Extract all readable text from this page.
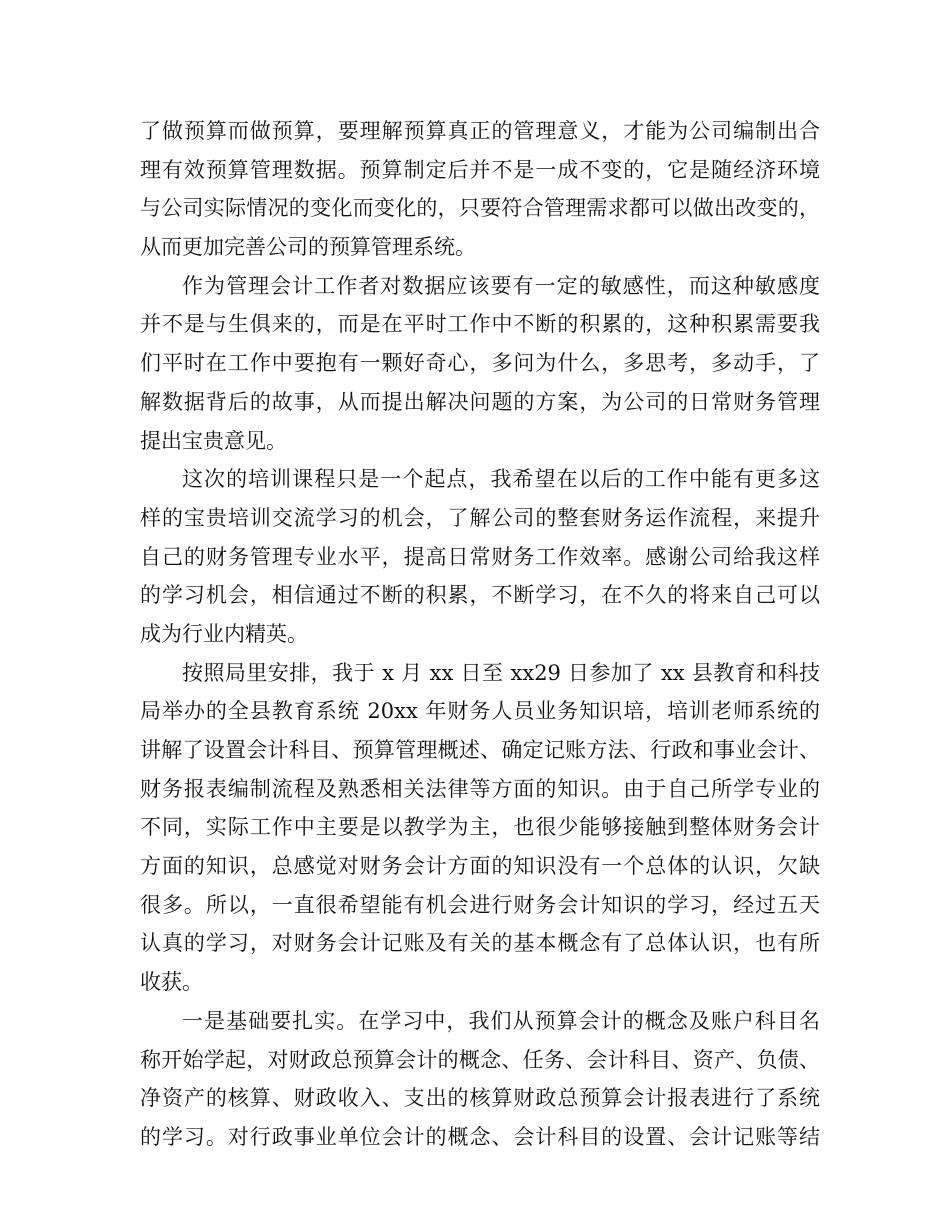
了做预算而做预算，要理解预算真正的管理意义，才能为公司编制出合
理有效预算管理数据。预算制定后并不是一成不变的，它是随经济环境
与公司实际情况的变化而变化的，只要符合管理需求都可以做出改变的，
从而更加完善公司的预算管理系统。
作为管理会计工作者对数据应该要有一定的敏感性，而这种敏感度
并不是与生俱来的，而是在平时工作中不断的积累的，这种积累需要我
们平时在工作中要抱有一颗好奇心，多问为什么，多思考，多动手，了
解数据背后的故事，从而提出解决问题的方案，为公司的日常财务管理
提出宝贵意见。
这次的培训课程只是一个起点，我希望在以后的工作中能有更多这
样的宝贵培训交流学习的机会，了解公司的整套财务运作流程，来提升
自己的财务管理专业水平，提高日常财务工作效率。感谢公司给我这样
的学习机会，相信通过不断的积累，不断学习，在不久的将来自己可以
成为行业内精英。
按照局里安排，我于 x 月 xx 日至 xx29 日参加了 xx 县教育和科技
局举办的全县教育系统 20xx 年财务人员业务知识培，培训老师系统的
讲解了设置会计科目、预算管理概述、确定记账方法、行政和事业会计、
财务报表编制流程及熟悉相关法律等方面的知识。由于自己所学专业的
不同，实际工作中主要是以教学为主，也很少能够接触到整体财务会计
方面的知识，总感觉对财务会计方面的知识没有一个总体的认识，欠缺
很多。所以，一直很希望能有机会进行财务会计知识的学习，经过五天
认真的学习，对财务会计记账及有关的基本概念有了总体认识，也有所
收获。
一是基础要扎实。在学习中，我们从预算会计的概念及账户科目名
称开始学起，对财政总预算会计的概念、任务、会计科目、资产、负债、
净资产的核算、财政收入、支出的核算财政总预算会计报表进行了系统
的学习。对行政事业单位会计的概念、会计科目的设置、会计记账等结
